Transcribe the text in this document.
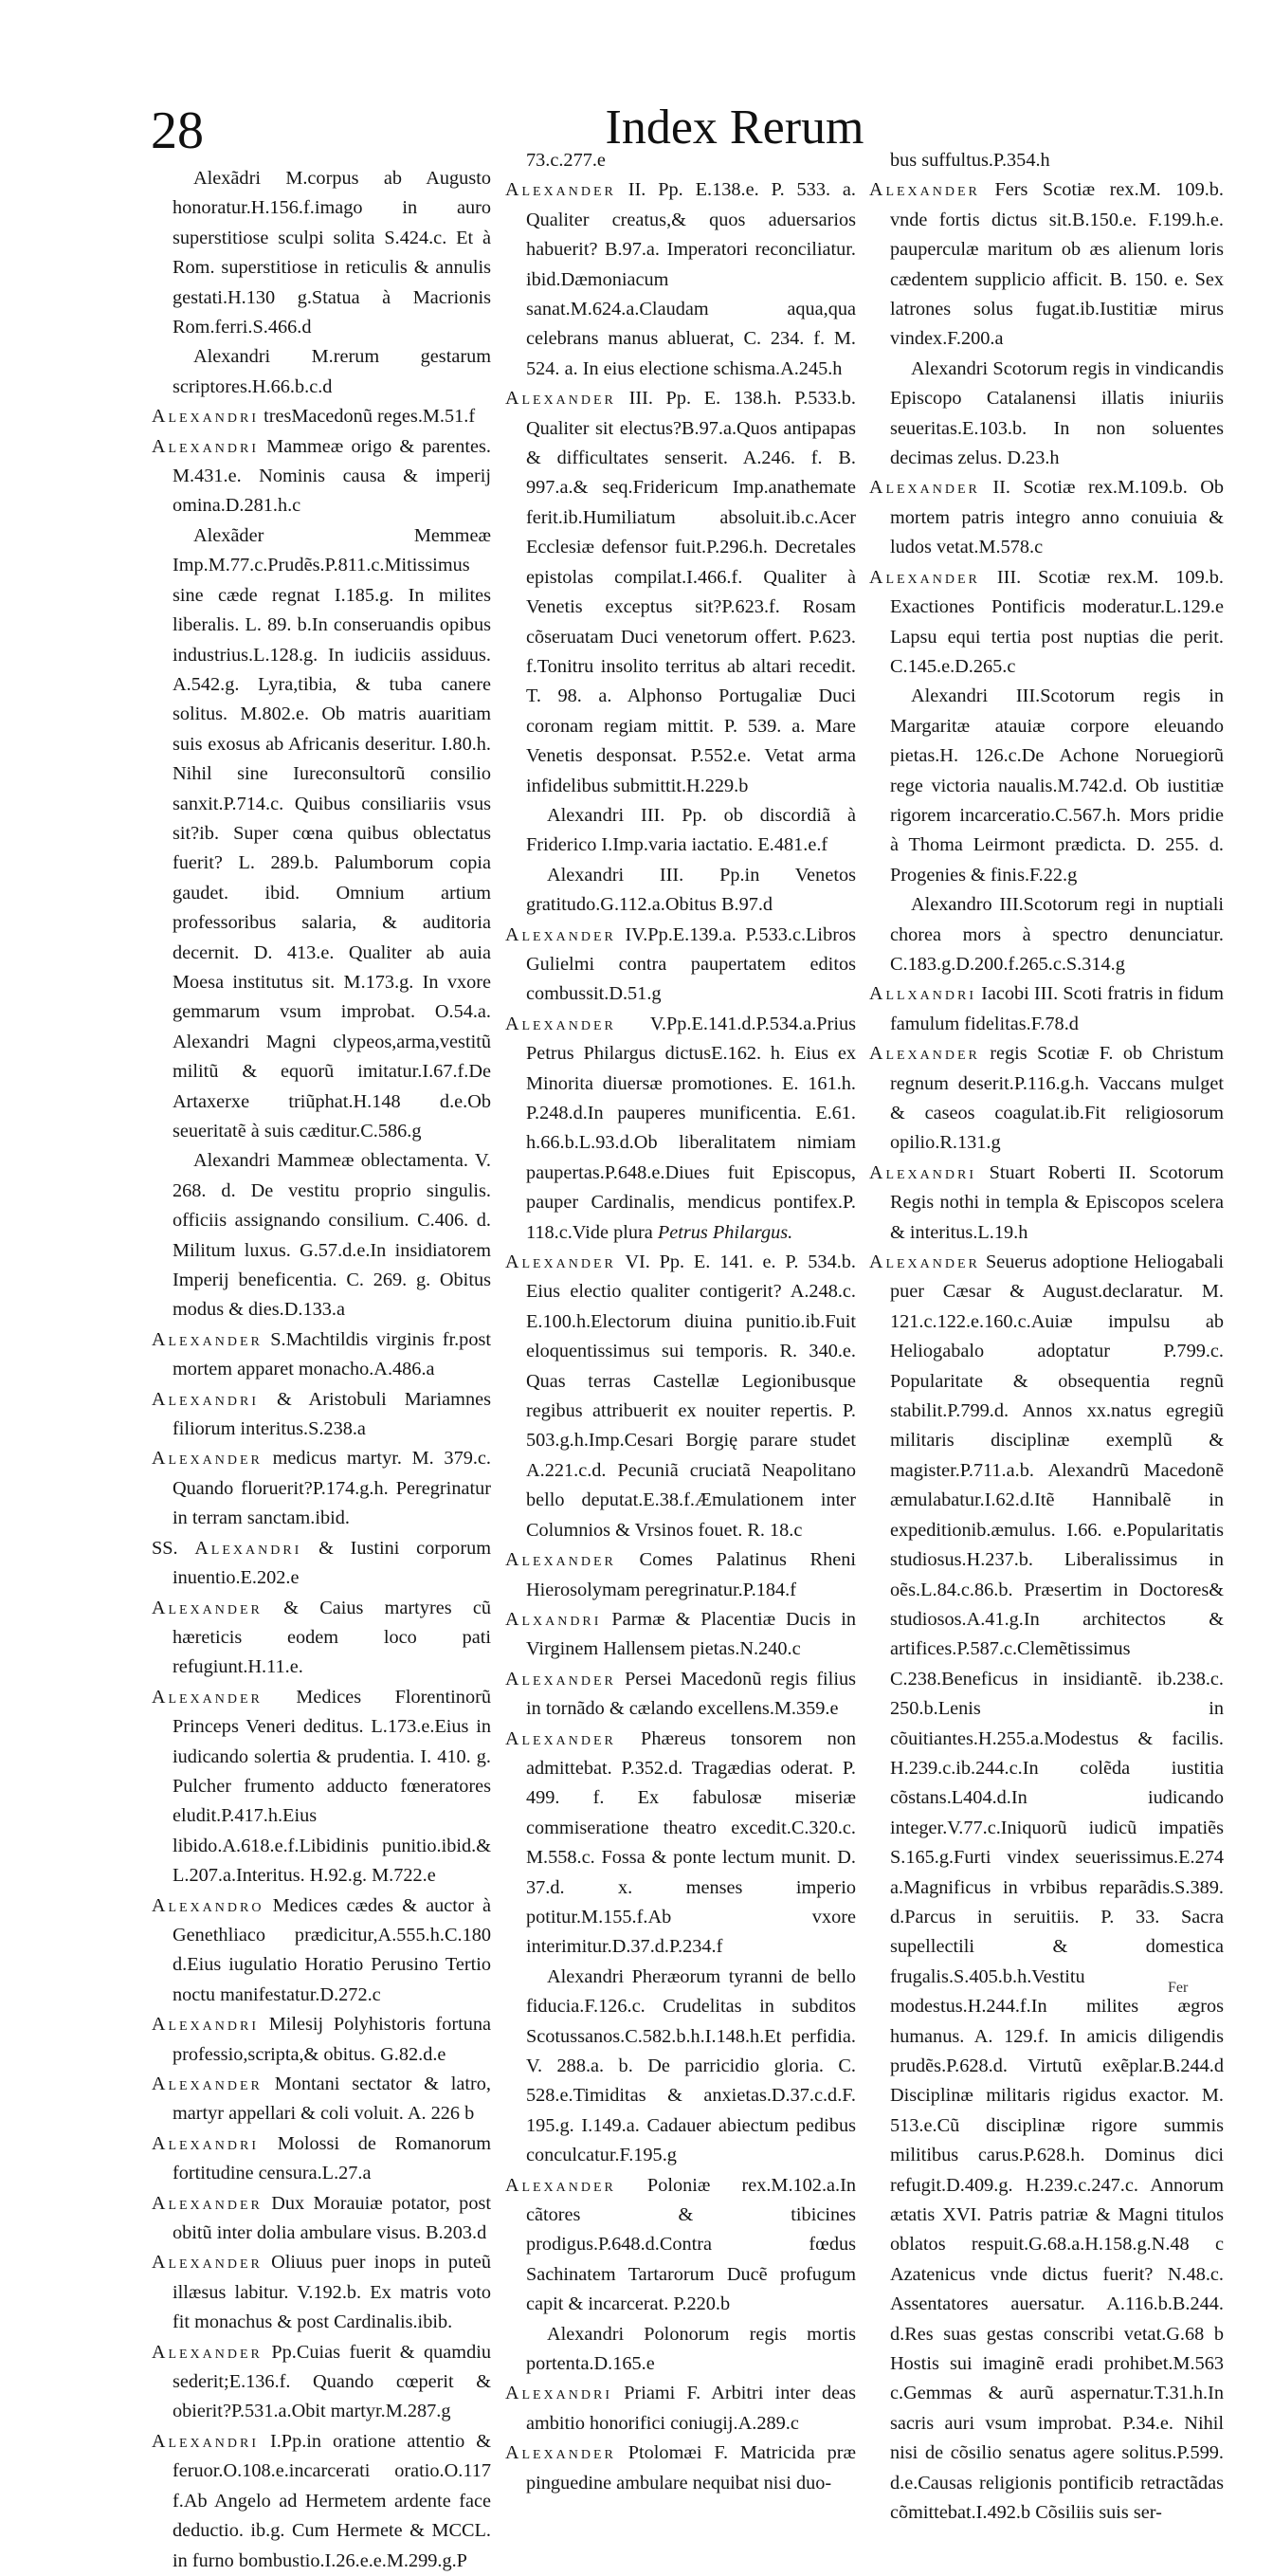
28	Index Rerum

Alexãdri M.corpus ab Augusto honoratur.H.156.f.imago in auro superstitiose sculpi solita S.424.c. Et à Rom. superstitiose in reticulis & annulis gestati.H.130 g.Statua à Macrionis Rom.ferri.S.466.d

Alexandri M.rerum gestarum scriptores.H.66.b.c.d

Alexandri tresMacedonũ reges.M.51.f

Alexandri Mammeæ origo & parentes. M.431.e. Nominis causa & imperij omina.D.281.h.c

Alexãder Memmeæ Imp.M.77.c.Prudẽs.P.811.c.Mitissimus sine cæde regnat I.185.g. In milites liberalis. L. 89. b.In conseruandis opibus industrius.L.128.g. In iudiciis assiduus. A.542.g. Lyra,tibia, & tuba canere solitus. M.802.e. Ob matris auaritiam suis exosus ab Africanis deseritur. I.80.h. Nihil sine Iureconsultorũ consilio sanxit.P.714.c. Quibus consiliariis vsus sit?ib. Super cœna quibus oblectatus fuerit? L. 289.b. Palumborum copia gaudet. ibid. Omnium artium professoribus salaria, & auditoria decernit. D. 413.e. Qualiter ab auia Moesa institutus sit. M.173.g. In vxore gemmarum vsum improbat. O.54.a. Alexandri Magni clypeos,arma,vestitũ militũ & equorũ imitatur.I.67.f.De Artaxerxe triũphat.H.148 d.e.Ob seueritatẽ à suis cæditur.C.586.g

Alexandri Mammeæ oblectamenta. V. 268. d. De vestitu proprio singulis. officiis assignando consilium. C.406. d. Militum luxus. G.57.d.e.In insidiatorem Imperij beneficentia. C. 269. g. Obitus modus & dies.D.133.a

Alexander S.Machtildis virginis fr.post mortem apparet monacho.A.486.a

Alexandri & Aristobuli Mariamnes filiorum interitus.S.238.a

Alexander medicus martyr. M. 379.c. Quando floruerit?P.174.g.h. Peregrinatur in terram sanctam.ibid.

SS. Alexandri & Iustini corporum inuentio.E.202.e

Alexander & Caius martyres cũ hæreticis eodem loco pati refugiunt.H.11.e.

Alexander Medices Florentinorũ Princeps Veneri deditus. L.173.e.Eius in iudicando solertia & prudentia. I. 410. g. Pulcher frumento adducto fœneratores eludit.P.417.h.Eius libido.A.618.e.f.Libidinis punitio.ibid.& L.207.a.Interitus. H.92.g. M.722.e

Alexandro Medices cædes & auctor à Genethliaco prædicitur,A.555.h.C.180 d.Eius iugulatio Horatio Perusino Tertio noctu manifestatur.D.272.c

Alexandri Milesij Polyhistoris fortuna professio,scripta,& obitus. G.82.d.e

Alexander Montani sectator & latro, martyr appellari & coli voluit. A. 226 b

Alexandri Molossi de Romanorum fortitudine censura.L.27.a

Alexander Dux Morauiæ potator, post obitũ inter dolia ambulare visus. B.203.d

Alexander Oliuus puer inops in puteũ illæsus labitur. V.192.b. Ex matris voto fit monachus & post Cardinalis.ibib.

Alexander Pp.Cuias fuerit & quamdiu sederit;E.136.f. Quando cœperit & obierit?P.531.a.Obit martyr.M.287.g

Alexandri I.Pp.in oratione attentio & feruor.O.108.e.incarcerati oratio.O.117 f.Ab Angelo ad Hermetem ardente face deductio. ib.g. Cum Hermete & MCCL. in furno bombustio.I.26.e.e.M.299.g.P

73.c.277.e

Alexander II. Pp. E.138.e. P. 533. a. Qualiter creatus,& quos aduersarios habuerit? B.97.a. Imperatori reconciliatur. ibid.Dæmoniacum sanat.M.624.a.Claudam aqua,qua celebrans manus abluerat, C. 234. f. M. 524. a. In eius electione schisma.A.245.h

Alexander III. Pp. E. 138.h. P.533.b. Qualiter sit electus?B.97.a.Quos antipapas & difficultates senserit. A.246. f. B. 997.a.& seq.Fridericum Imp.anathemate ferit.ib.Humiliatum absoluit.ib.c.Acer Ecclesiæ defensor fuit.P.296.h. Decretales epistolas compilat.I.466.f. Qualiter à Venetis exceptus sit?P.623.f. Rosam cõseruatam Duci venetorum offert. P.623. f.Tonitru insolito territus ab altari recedit. T. 98. a. Alphonso Portugaliæ Duci coronam regiam mittit. P. 539. a. Mare Venetis desponsat. P.552.e. Vetat arma infidelibus submittit.H.229.b

Alexandri III. Pp. ob discordiã à Friderico I.Imp.varia iactatio. E.481.e.f

Alexandri III. Pp.in Venetos gratitudo.G.112.a.Obitus B.97.d

Alexander IV.Pp.E.139.a. P.533.c.Libros Gulielmi contra paupertatem editos combussit.D.51.g

Alexander V.Pp.E.141.d.P.534.a.Prius Petrus Philargus dictusE.162. h. Eius ex Minorita diuersæ promotiones. E. 161.h. P.248.d.In pauperes munificentia. E.61. h.66.b.L.93.d.Ob liberalitatem nimiam paupertas.P.648.e.Diues fuit Episcopus, pauper Cardinalis, mendicus pontifex.P. 118.c.Vide plura Petrus Philargus.

Alexander VI. Pp. E. 141. e. P. 534.b. Eius electio qualiter contigerit? A.248.c. E.100.h.Electorum diuina punitio.ib.Fuit eloquentissimus sui temporis. R. 340.e. Quas terras Castellæ Legionibusque regibus attribuerit ex nouiter repertis. P. 503.g.h.Imp.Cesari Borgię parare studet A.221.c.d. Pecuniã cruciatã Neapolitano bello deputat.E.38.f.Æmulationem inter Columnios & Vrsinos fouet. R. 18.c

Alexander Comes Palatinus Rheni Hierosolymam peregrinatur.P.184.f

Alxandri Parmæ & Placentiæ Ducis in Virginem Hallensem pietas.N.240.c

Alexander Persei Macedonũ regis filius in tornãdo & cælando excellens.M.359.e

Alexander Phæreus tonsorem non admittebat. P.352.d. Tragædias oderat. P. 499. f. Ex fabulosæ miseriæ commiseratione theatro excedit.C.320.c. M.558.c. Fossa & ponte lectum munit. D. 37.d. x. menses imperio potitur.M.155.f.Ab vxore interimitur.D.37.d.P.234.f

Alexandri Pheræorum tyranni de bello fiducia.F.126.c. Crudelitas in subditos Scotussanos.C.582.b.h.I.148.h.Et perfidia. V. 288.a. b. De parricidio gloria. C. 528.e.Timiditas & anxietas.D.37.c.d.F. 195.g. I.149.a. Cadauer abiectum pedibus conculcatur.F.195.g

Alexander Poloniæ rex.M.102.a.In cãtores & tibicines prodigus.P.648.d.Contra fœdus Sachinatem Tartarorum Ducẽ profugum capit & incarcerat. P.220.b

Alexandri Polonorum regis mortis portenta.D.165.e

Alexandri Priami F. Arbitri inter deas ambitio honorifici coniugij.A.289.c

Alexander Ptolomæi F. Matricida præ pinguedine ambulare nequibat nisi duo-

bus suffultus.P.354.h

Alexander Fers Scotiæ rex.M. 109.b. vnde fortis dictus sit.B.150.e. F.199.h.e. pauperculæ maritum ob æs alienum loris cædentem supplicio afficit. B. 150. e. Sex latrones solus fugat.ib.Iustitiæ mirus vindex.F.200.a

Alexandri Scotorum regis in vindicandis Episcopo Catalanensi illatis iniuriis seueritas.E.103.b. In non soluentes decimas zelus. D.23.h

Alexander II. Scotiæ rex.M.109.b. Ob mortem patris integro anno conuiuia & ludos vetat.M.578.c

Alexander III. Scotiæ rex.M. 109.b. Exactiones Pontificis moderatur.L.129.e Lapsu equi tertia post nuptias die perit. C.145.e.D.265.c

Alexandri III.Scotorum regis in Margaritæ atauiæ corpore eleuando pietas.H. 126.c.De Achone Noruegiorũ rege victoria naualis.M.742.d. Ob iustitiæ rigorem incarceratio.C.567.h. Mors pridie à Thoma Leirmont prædicta. D. 255. d. Progenies & finis.F.22.g

Alexandro III.Scotorum regi in nuptiali chorea mors à spectro denunciatur. C.183.g.D.200.f.265.c.S.314.g

Allxandri Iacobi III. Scoti fratris in fidum famulum fidelitas.F.78.d

Alexander regis Scotiæ F. ob Christum regnum deserit.P.116.g.h. Vaccans mulget & caseos coagulat.ib.Fit religiosorum opilio.R.131.g

Alexandri Stuart Roberti II. Scotorum Regis nothi in templa & Episcopos scelera & interitus.L.19.h

Alexander Seuerus adoptione Heliogabali puer Cæsar & August.declaratur. M. 121.c.122.e.160.c.Auiæ impulsu ab Heliogabalo adoptatur P.799.c. Popularitate & obsequentia regnũ stabilit.P.799.d. Annos xx.natus egregiũ militaris disciplinæ exemplũ & magister.P.711.a.b. Alexandrũ Macedonẽ æmulabatur.I.62.d.Itẽ Hannibalẽ in expeditionib.æmulus. I.66. e.Popularitatis studiosus.H.237.b. Liberalissimus in oẽs.L.84.c.86.b. Præsertim in Doctores& studiosos.A.41.g.In architectos & artifices.P.587.c.Clemẽtissimus C.238.Beneficus in insidiantẽ. ib.238.c. 250.b.Lenis in cõuitiantes.H.255.a.Modestus & facilis. H.239.c.ib.244.c.In colẽda iustitia cõstans.L404.d.In iudicando integer.V.77.c.Iniquorũ iudicũ impatiẽs S.165.g.Furti vindex seuerissimus.E.274 a.Magnificus in vrbibus reparãdis.S.389. d.Parcus in seruitiis. P. 33. Sacra supellectili & domestica frugalis.S.405.b.h.Vestitu modestus.H.244.f.In milites ægros humanus. A. 129.f. In amicis diligendis prudẽs.P.628.d. Virtutũ exẽplar.B.244.d Disciplinæ militaris rigidus exactor. M. 513.e.Cũ disciplinæ rigore summis militibus carus.P.628.h. Dominus dici refugit.D.409.g. H.239.c.247.c. Annorum ætatis XVI. Patris patriæ & Magni titulos oblatos respuit.G.68.a.H.158.g.N.48 c Azatenicus vnde dictus fuerit? N.48.c. Assentatores auersatur. A.116.b.B.244. d.Res suas gestas conscribi vetat.G.68 b Hostis sui imaginẽ eradi prohibet.M.563 c.Gemmas & aurũ aspernatur.T.31.h.In sacris auri vsum improbat. P.34.e. Nihil nisi de cõsilio senatus agere solitus.P.599. d.e.Causas religionis pontificib retractãdas cõmittebat.I.492.b Cõsiliis suis ser-

Fer
